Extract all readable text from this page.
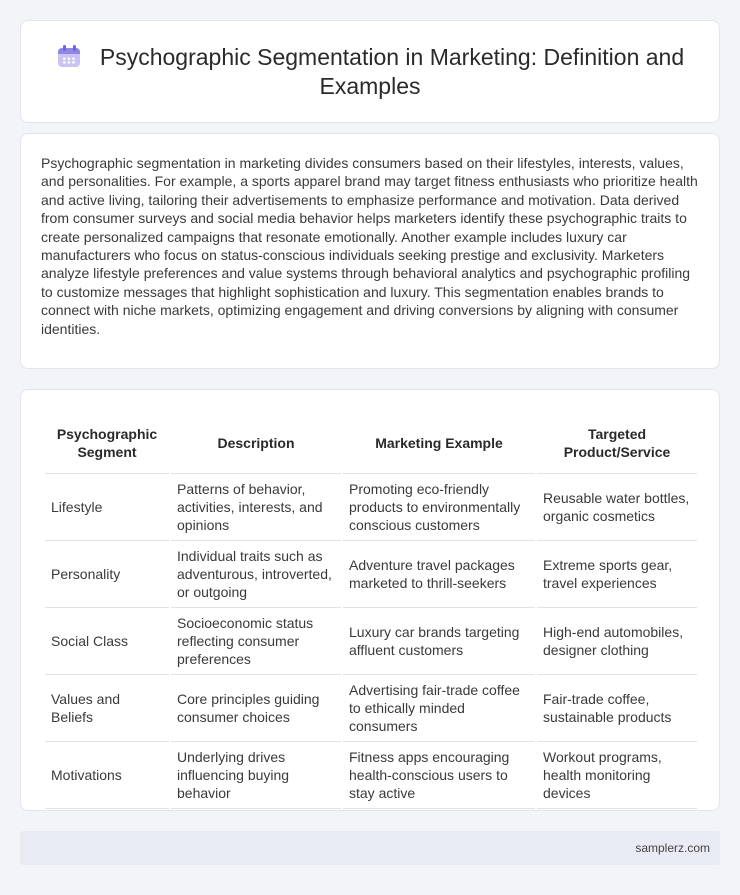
Psychographic Segmentation in Marketing: Definition and Examples

Psychographic segmentation in marketing divides consumers based on their lifestyles, interests, values, and personalities. For example, a sports apparel brand may target fitness enthusiasts who prioritize health and active living, tailoring their advertisements to emphasize performance and motivation. Data derived from consumer surveys and social media behavior helps marketers identify these psychographic traits to create personalized campaigns that resonate emotionally. Another example includes luxury car manufacturers who focus on status-conscious individuals seeking prestige and exclusivity. Marketers analyze lifestyle preferences and value systems through behavioral analytics and psychographic profiling to customize messages that highlight sophistication and luxury. This segmentation enables brands to connect with niche markets, optimizing engagement and driving conversions by aligning with consumer identities.

Psychographic Segment	Description	Marketing Example	Targeted Product/Service
Lifestyle	Patterns of behavior, activities, interests, and opinions	Promoting eco-friendly products to environmentally conscious customers	Reusable water bottles, organic cosmetics
Personality	Individual traits such as adventurous, introverted, or outgoing	Adventure travel packages marketed to thrill-seekers	Extreme sports gear, travel experiences
Social Class	Socioeconomic status reflecting consumer preferences	Luxury car brands targeting affluent customers	High-end automobiles, designer clothing
Values and Beliefs	Core principles guiding consumer choices	Advertising fair-trade coffee to ethically minded consumers	Fair-trade coffee, sustainable products
Motivations	Underlying drives influencing buying behavior	Fitness apps encouraging health-conscious users to stay active	Workout programs, health monitoring devices
samplerz.com
